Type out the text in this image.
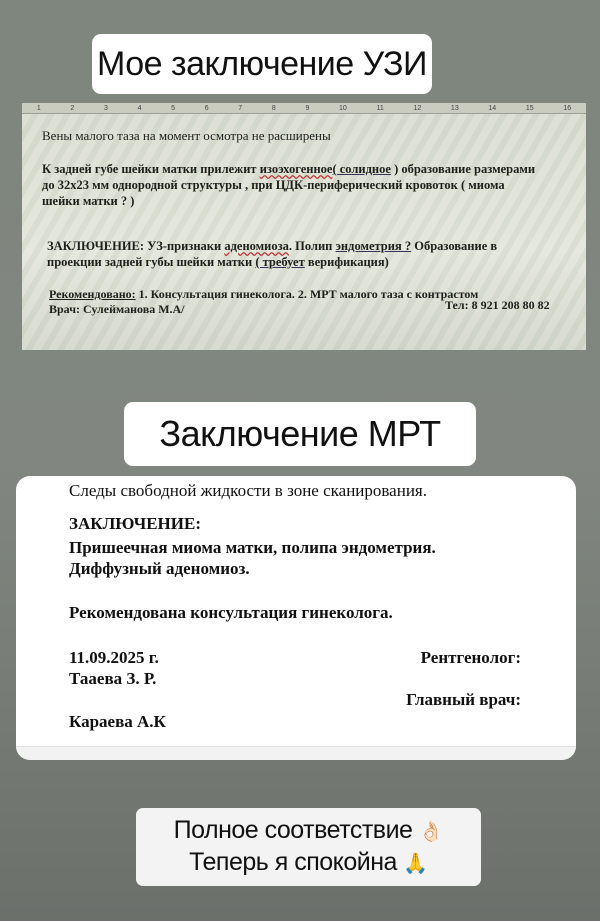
Мое заключение УЗИ
1	2	3	4	5	6	7	8	9	10	11	12	13	14	15	16

Вены малого таза на момент осмотра не расширены

К задней губе шейки матки прилежит изоэхогенное( солидное ) образование размерами

до 32х23 мм однородной структуры , при ЦДК-периферический кровоток ( миома

шейки матки ? )

ЗАКЛЮЧЕНИЕ: УЗ-признаки аденомиоза. Полип эндометрия ? Образование в

проекции задней губы шейки матки ( требует верификация)

Рекомендовано: 1. Консультация гинеколога. 2. МРТ малого таза с контрастом

Врач: Сулейманова М.А/	Тел: 8 921 208 80 82

Заключение МРТ
Следы свободной жидкости в зоне сканирования.
ЗАКЛЮЧЕНИЕ:
Пришеечная миома матки, полипа эндометрия.
Диффузный аденомиоз.
Рекомендована консультация гинеколога.
11.09.2025 г.	Рентгенолог:
Тааева З. Р.
Главный врач:
Караева А.К
Полное соответствие 👌🏻
Теперь я спокойна 🙏
